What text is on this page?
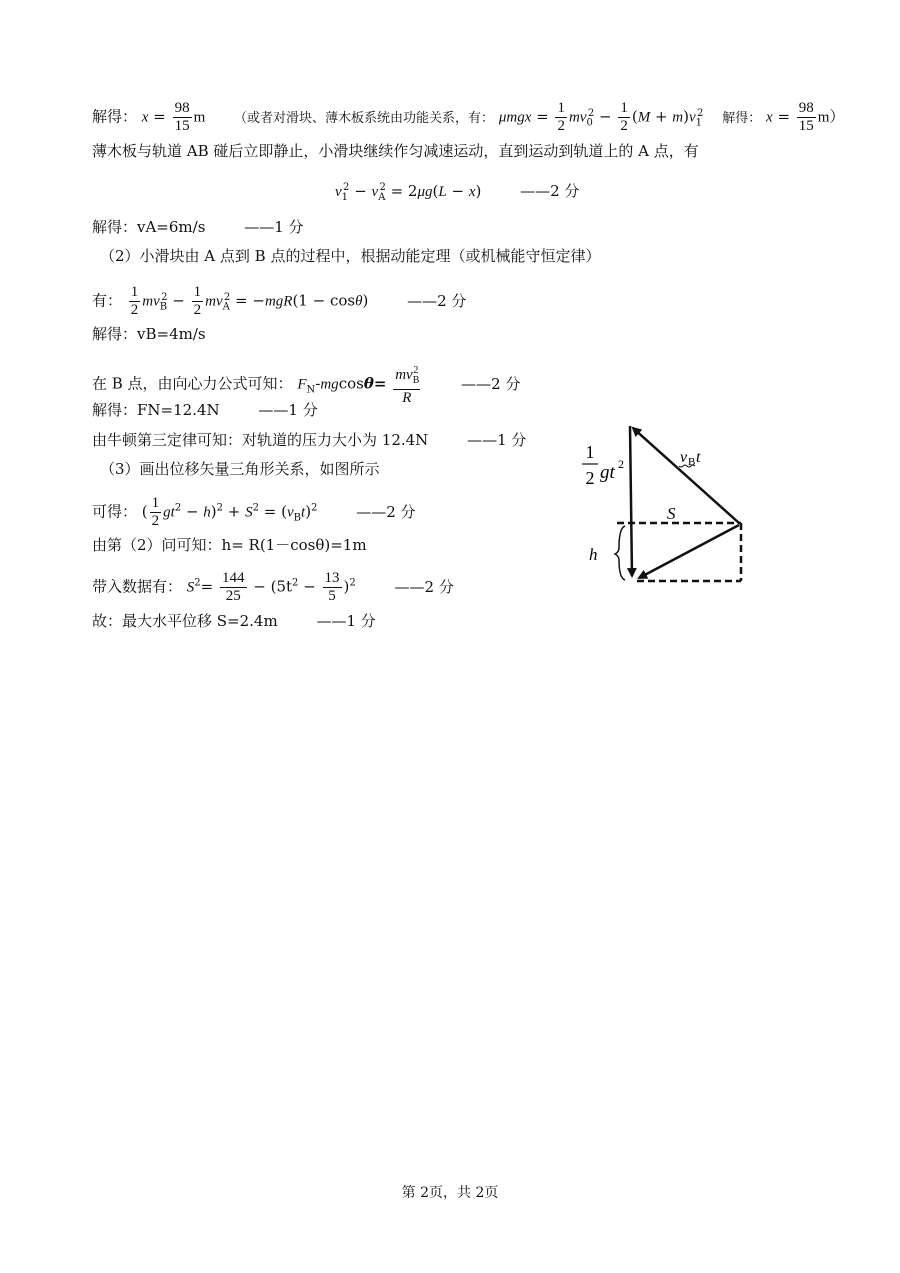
解得： $x = \frac{98}{15}$ m （或者对滑块、薄木板系统由功能关系，有： $\mu mgx = \frac{1}{2} mv_0^2 - \frac{1}{2} (M + m)v_1^2$ 解得： $x = \frac{98}{15} m$）
薄木板与轨道 AB 碰后立即静止，小滑块继续作匀减速运动，直到运动到轨道上的 A 点，有
$v_1^2 - v_A^2 = 2\mu g(L - x)$ ——2 分
解得：vA=6m/s	——1 分
（2）小滑块由 A 点到 B 点的过程中，根据动能定理（或机械能守恒定律）
有： $\frac{1}{2} mv_B^2 - \frac{1}{2} mv_A^2 = -mgR(1 - \cos\theta)$ ——2 分
解得：vB=4m/s
在 B 点，由向心力公式可知： $F_N-mgcos\theta= \frac{mv_B^2}{R}$	——2 分
解得：FN=12.4N	——1 分
由牛顿第三定律可知：对轨道的压力大小为 12.4N	——1 分
（3）画出位移矢量三角形关系，如图所示
可得： ( $\frac{1}{2} gt^2 - h)^2 + S^2 = (v_Bt)^2$	——2 分
由第（2）问可知：h= R(1－cosθ)=1m
带入数据有： $S^2= \frac{144}{25} - (5t^2 - \frac{13}{5} )^2$	——2 分
故：最大水平位移 S=2.4m	——1 分
1
2 gt 2	v B t
S
h
第 2页，共 2页
